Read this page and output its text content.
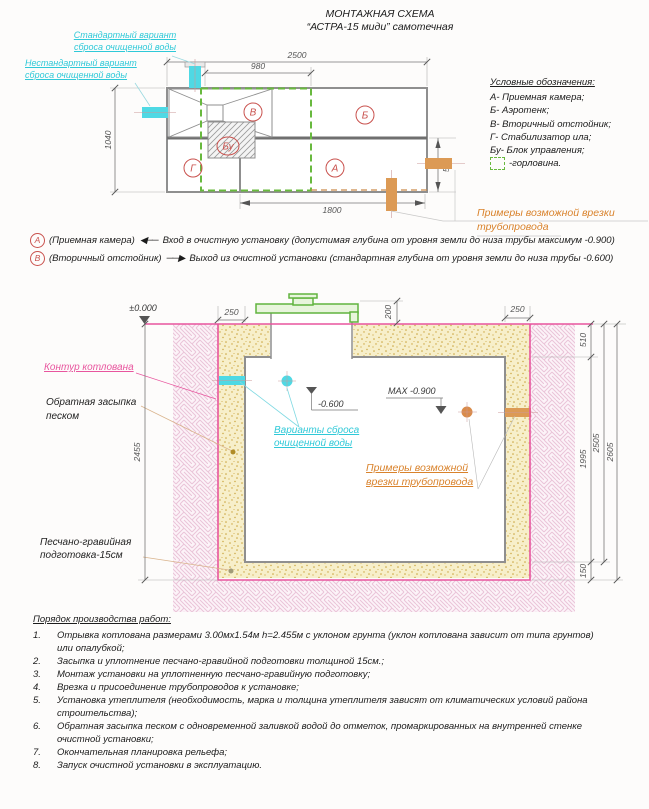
2500
980
1040
1800
В	Б
Г	А
Бу
±0.000
-0.600
MAX -0.900
2455
250	200	250
510
1995
150
2505 2605
МОНТАЖНАЯ СХЕМА
“АСТРА-15 миди” самотечная
Стандартный вариант сброса очищенной воды
Нестандартный вариант сброса очищенной воды
Примеры возможной врезки трубопровода
Условные обозначения:
А- Приемная камера;
Б- Аэротенк;
В- Вторичный отстойник;
Г- Стабилизатор ила;
Бу- Блок управления;
-горловина.
А (Приемная камера) ◀── Вход в очистную установку (допустимая глубина от уровня земли до низа трубы максимум -0.900)
В (Вторичный отстойник) ──▶ Выход из очистной установки (стандартная глубина от уровня земли до низа трубы -0.600)
Контур котлована
Обратная засыпка песком
Песчано-гравийная подготовка-15см
Варианты сброса очищенной воды
Примеры возможной врезки трубопровода
Порядок производства работ:
1.	Отрывка котлована размерами 3.00мх1.54м h=2.455м с уклоном грунта (уклон котлована зависит от типа грунтов) или опалубкой;
2.	Засыпка и уплотнение песчано-гравийной подготовки толщиной 15см.;
3.	Монтаж установки на уплотненную песчано-гравийную подготовку;
4.	Врезка и присоединение трубопроводов к установке;
5.	Установка утеплителя (необходимость, марка и толщина утеплителя зависят от климатических условий района строительства);
6.	Обратная засыпка песком с одновременной заливкой водой до отметок, промаркированных на внутренней стенке очистной установки;
7.	Окончательная планировка рельефа;
8.	Запуск очистной установки в эксплуатацию.
